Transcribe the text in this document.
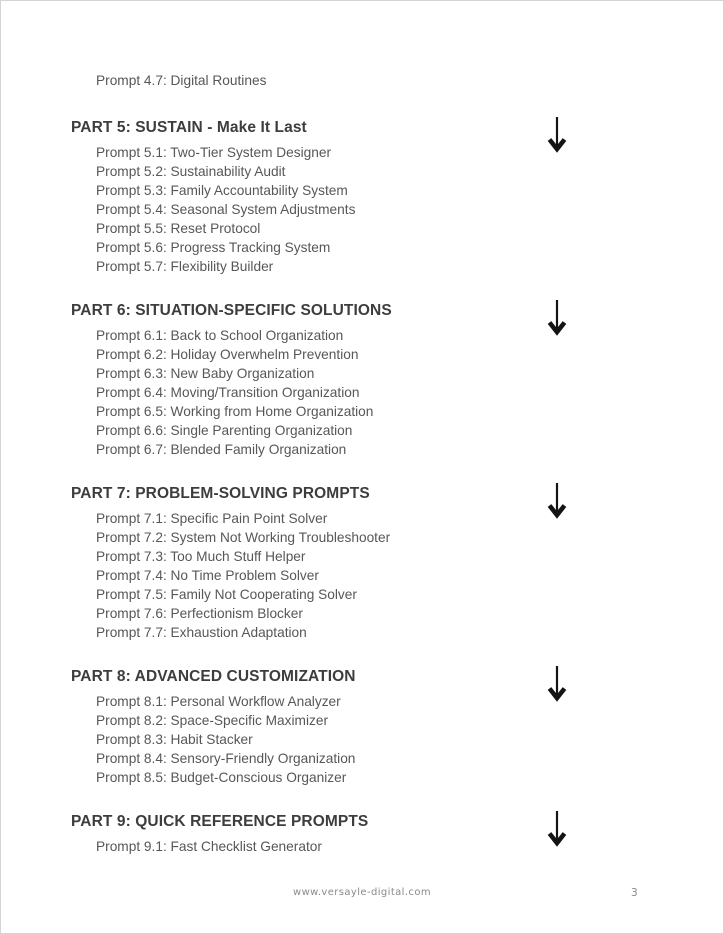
Prompt 4.7: Digital Routines
PART 5: SUSTAIN - Make It Last
Prompt 5.1: Two-Tier System Designer
Prompt 5.2: Sustainability Audit
Prompt 5.3: Family Accountability System
Prompt 5.4: Seasonal System Adjustments
Prompt 5.5: Reset Protocol
Prompt 5.6: Progress Tracking System
Prompt 5.7: Flexibility Builder
PART 6: SITUATION-SPECIFIC SOLUTIONS
Prompt 6.1: Back to School Organization
Prompt 6.2: Holiday Overwhelm Prevention
Prompt 6.3: New Baby Organization
Prompt 6.4: Moving/Transition Organization
Prompt 6.5: Working from Home Organization
Prompt 6.6: Single Parenting Organization
Prompt 6.7: Blended Family Organization
PART 7: PROBLEM-SOLVING PROMPTS
Prompt 7.1: Specific Pain Point Solver
Prompt 7.2: System Not Working Troubleshooter
Prompt 7.3: Too Much Stuff Helper
Prompt 7.4: No Time Problem Solver
Prompt 7.5: Family Not Cooperating Solver
Prompt 7.6: Perfectionism Blocker
Prompt 7.7: Exhaustion Adaptation
PART 8: ADVANCED CUSTOMIZATION
Prompt 8.1: Personal Workflow Analyzer
Prompt 8.2: Space-Specific Maximizer
Prompt 8.3: Habit Stacker
Prompt 8.4: Sensory-Friendly Organization
Prompt 8.5: Budget-Conscious Organizer
PART 9: QUICK REFERENCE PROMPTS
Prompt 9.1: Fast Checklist Generator
www.versayle-digital.com	3
